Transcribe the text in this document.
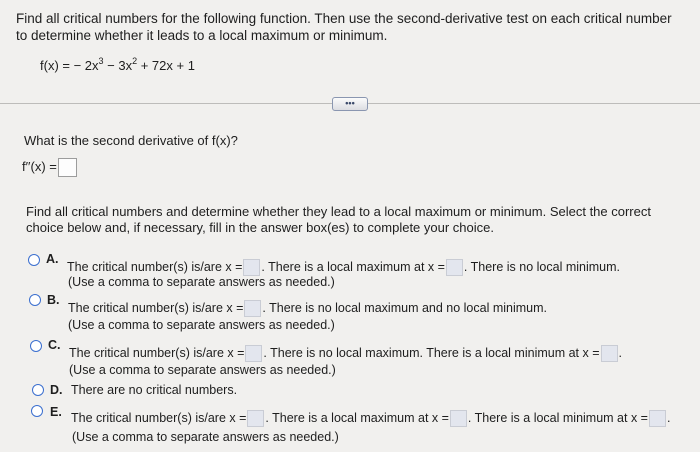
Find all critical numbers for the following function. Then use the second-derivative test on each critical number to determine whether it leads to a local maximum or minimum.
f(x) = − $2x^3 - 3x^2 + 72x + 1$
•••
What is the second derivative of f(x)?
f′′(x) =
Find all critical numbers and determine whether they lead to a local maximum or minimum. Select the correct choice below and, if necessary, fill in the answer box(es) to complete your choice.
A.
The critical number(s) is/are x = . There is a local maximum at x = . There is no local minimum.
(Use a comma to separate answers as needed.)
B.
The critical number(s) is/are x = . There is no local maximum and no local minimum.
(Use a comma to separate answers as needed.)
C.
The critical number(s) is/are x = . There is no local maximum. There is a local minimum at x = .
(Use a comma to separate answers as needed.)
D. There are no critical numbers.
E. The critical number(s) is/are x = . There is a local maximum at x = . There is a local minimum at x = .
(Use a comma to separate answers as needed.)
